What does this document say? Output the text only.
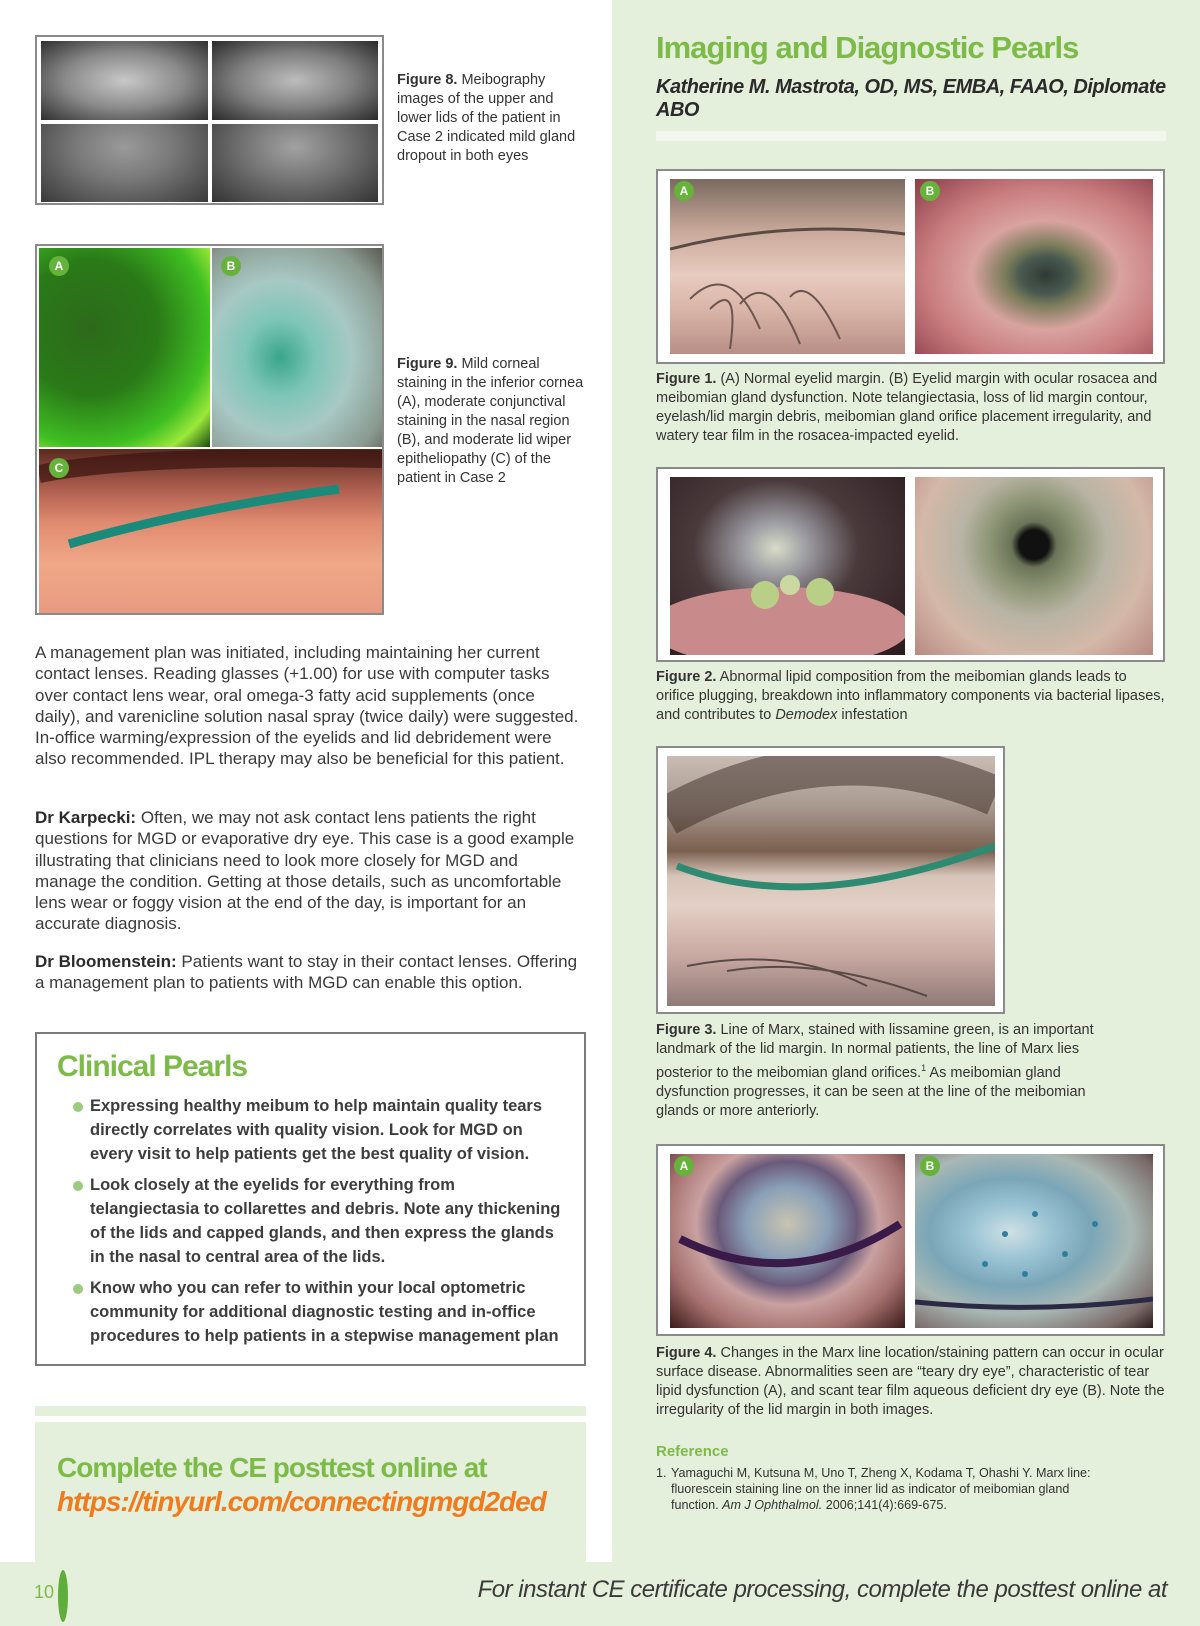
Imaging and Diagnostic Pearls
Katherine M. Mastrota, OD, MS, EMBA, FAAO, Diplomate ABO
A	B
Figure 1. (A) Normal eyelid margin. (B) Eyelid margin with ocular rosacea and meibomian gland dysfunction. Note telangiectasia, loss of lid margin contour, eyelash/lid margin debris, meibomian gland orifice placement irregularity, and watery tear film in the rosacea-impacted eyelid.
Figure 2. Abnormal lipid composition from the meibomian glands leads to orifice plugging, breakdown into inflammatory components via bacterial lipases, and contributes to Demodex infestation
Figure 3. Line of Marx, stained with lissamine green, is an important landmark of the lid margin. In normal patients, the line of Marx lies posterior to the meibomian gland orifices.$^1$ As meibomian gland dysfunction progresses, it can be seen at the line of the meibomian glands or more anteriorly.
A	B
Figure 4. Changes in the Marx line location/staining pattern can occur in ocular surface disease. Abnormalities seen are “teary dry eye”, characteristic of tear lipid dysfunction (A), and scant tear film aqueous deficient dry eye (B). Note the irregularity of the lid margin in both images.
Reference
1. Yamaguchi M, Kutsuna M, Uno T, Zheng X, Kodama T, Ohashi Y. Marx line: fluorescein staining line on the inner lid as indicator of meibomian gland function. Am J Ophthalmol. 2006;141(4):669-675.
Figure 8. Meibography images of the upper and lower lids of the patient in Case 2 indicated mild gland dropout in both eyes
A	B
C
Figure 9. Mild corneal staining in the inferior cornea (A), moderate conjunctival staining in the nasal region (B), and moderate lid wiper epitheliopathy (C) of the patient in Case 2
A management plan was initiated, including maintaining her current contact lenses. Reading glasses (+1.00) for use with computer tasks over contact lens wear, oral omega-3 fatty acid supplements (once daily), and varenicline solution nasal spray (twice daily) were suggested. In-office warming/expression of the eyelids and lid debridement were also recommended. IPL therapy may also be beneficial for this patient.
Dr Karpecki: Often, we may not ask contact lens patients the right questions for MGD or evaporative dry eye. This case is a good example illustrating that clinicians need to look more closely for MGD and manage the condition. Getting at those details, such as uncomfortable lens wear or foggy vision at the end of the day, is important for an accurate diagnosis.
Dr Bloomenstein: Patients want to stay in their contact lenses. Offering a management plan to patients with MGD can enable this option.
Clinical Pearls
Expressing healthy meibum to help maintain quality tears directly correlates with quality vision. Look for MGD on every visit to help patients get the best quality of vision.
Look closely at the eyelids for everything from telangiectasia to collarettes and debris. Note any thickening of the lids and capped glands, and then express the glands in the nasal to central area of the lids.
Know who you can refer to within your local optometric community for additional diagnostic testing and in-office procedures to help patients in a stepwise management plan
Complete the CE posttest online at
https://tinyurl.com/connectingmgd2ded
10	For instant CE certificate processing, complete the posttest online at
